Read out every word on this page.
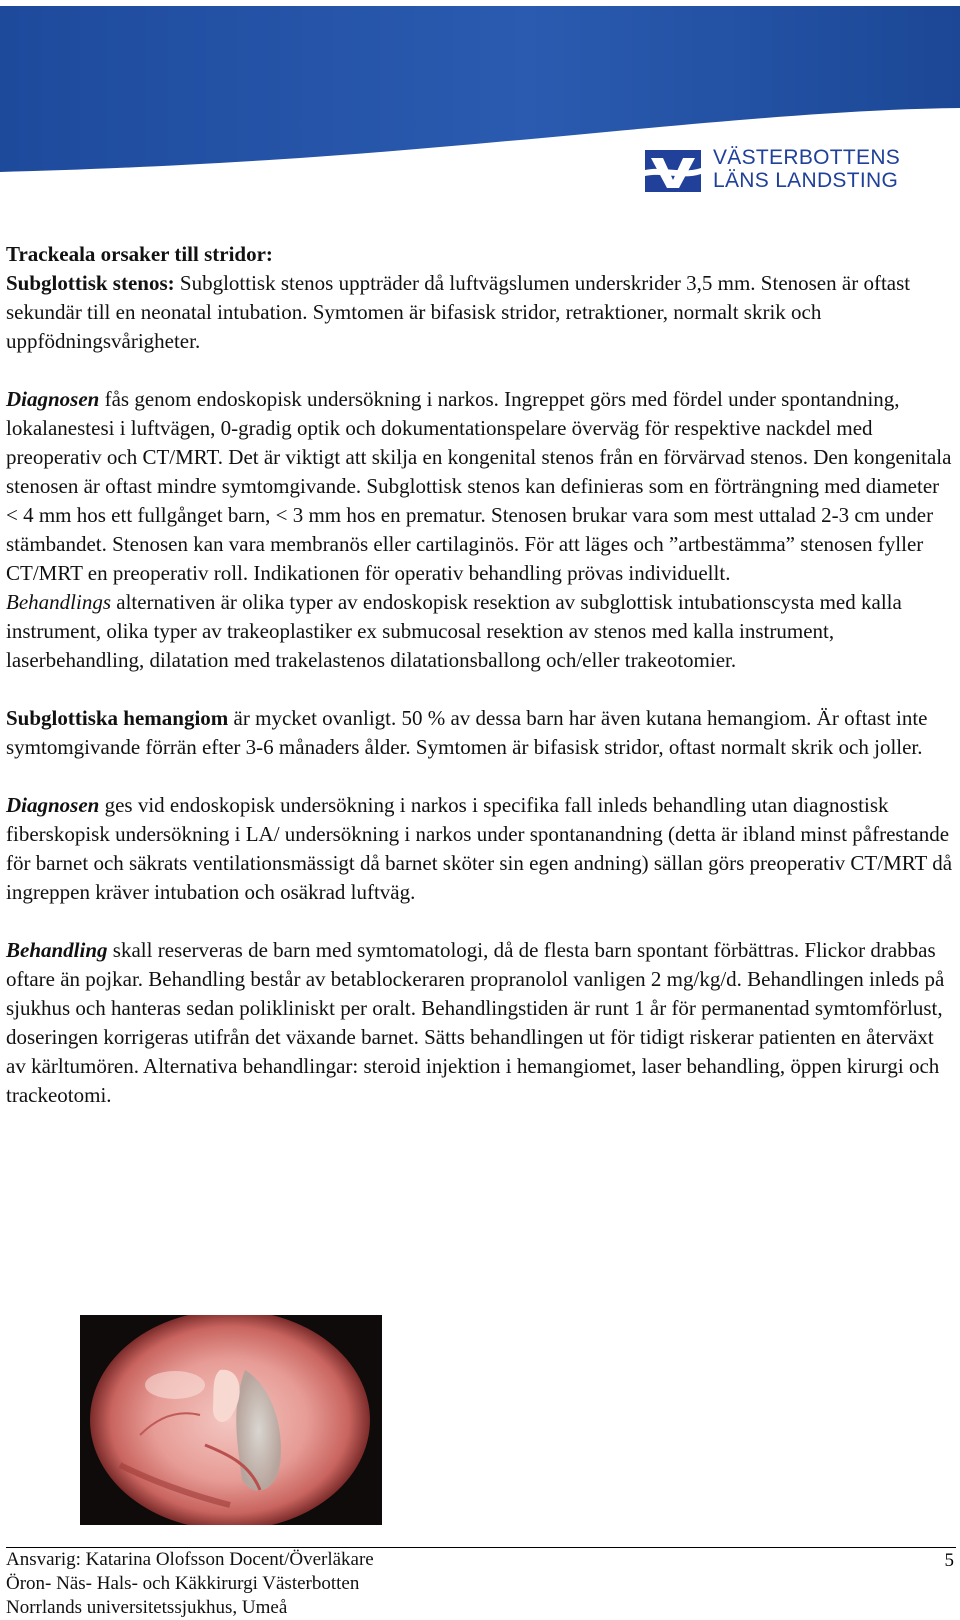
VÄSTERBOTTENS
LÄNS LANDSTING

Trackeala orsaker till stridor:

Subglottisk stenos: Subglottisk stenos uppträder då luftvägslumen underskrider 3,5 mm. Stenosen är oftast sekundär till en neonatal intubation. Symtomen är bifasisk stridor, retraktioner, normalt skrik och uppfödningsvårigheter.

Diagnosen fås genom endoskopisk undersökning i narkos. Ingreppet görs med fördel under spontandning, lokalanestesi i luftvägen, 0-gradig optik och dokumentationspelare överväg för respektive nackdel med preoperativ och CT/MRT. Det är viktigt att skilja en kongenital stenos från en förvärvad stenos. Den kongenitala stenosen är oftast mindre symtomgivande. Subglottisk stenos kan definieras som en förträngning med diameter < 4 mm hos ett fullgånget barn, < 3 mm hos en prematur. Stenosen brukar vara som mest uttalad 2-3 cm under stämbandet. Stenosen kan vara membranös eller cartilaginös. För att läges och ”artbestämma” stenosen fyller CT/MRT en preoperativ roll. Indikationen för operativ behandling prövas individuellt.

Behandlings alternativen är olika typer av endoskopisk resektion av subglottisk intubationscysta med kalla instrument, olika typer av trakeoplastiker ex submucosal resektion av stenos med kalla instrument, laserbehandling, dilatation med trakelastenos dilatationsballong och/eller trakeotomier.

Subglottiska hemangiom är mycket ovanligt. 50 % av dessa barn har även kutana hemangiom. Är oftast inte symtomgivande förrän efter 3-6 månaders ålder. Symtomen är bifasisk stridor, oftast normalt skrik och joller.

Diagnosen ges vid endoskopisk undersökning i narkos i specifika fall inleds behandling utan diagnostisk fiberskopisk undersökning i LA/ undersökning i narkos under spontanandning (detta är ibland minst påfrestande för barnet och säkrats ventilationsmässigt då barnet sköter sin egen andning) sällan görs preoperativ CT/MRT då ingreppen kräver intubation och osäkrad luftväg.

Behandling skall reserveras de barn med symtomatologi, då de flesta barn spontant förbättras. Flickor drabbas oftare än pojkar. Behandling består av betablockeraren propranolol vanligen 2 mg/kg/d. Behandlingen inleds på sjukhus och hanteras sedan polikliniskt per oralt. Behandlingstiden är runt 1 år för permanentad symtomförlust, doseringen korrigeras utifrån det växande barnet. Sätts behandlingen ut för tidigt riskerar patienten en återväxt av kärltumören. Alternativa behandlingar: steroid injektion i hemangiomet, laser behandling, öppen kirurgi och trackeotomi.

Ansvarig: Katarina Olofsson Docent/Överläkare
Öron- Näs- Hals- och Käkkirurgi Västerbotten
Norrlands universitetssjukhus, Umeå
5
